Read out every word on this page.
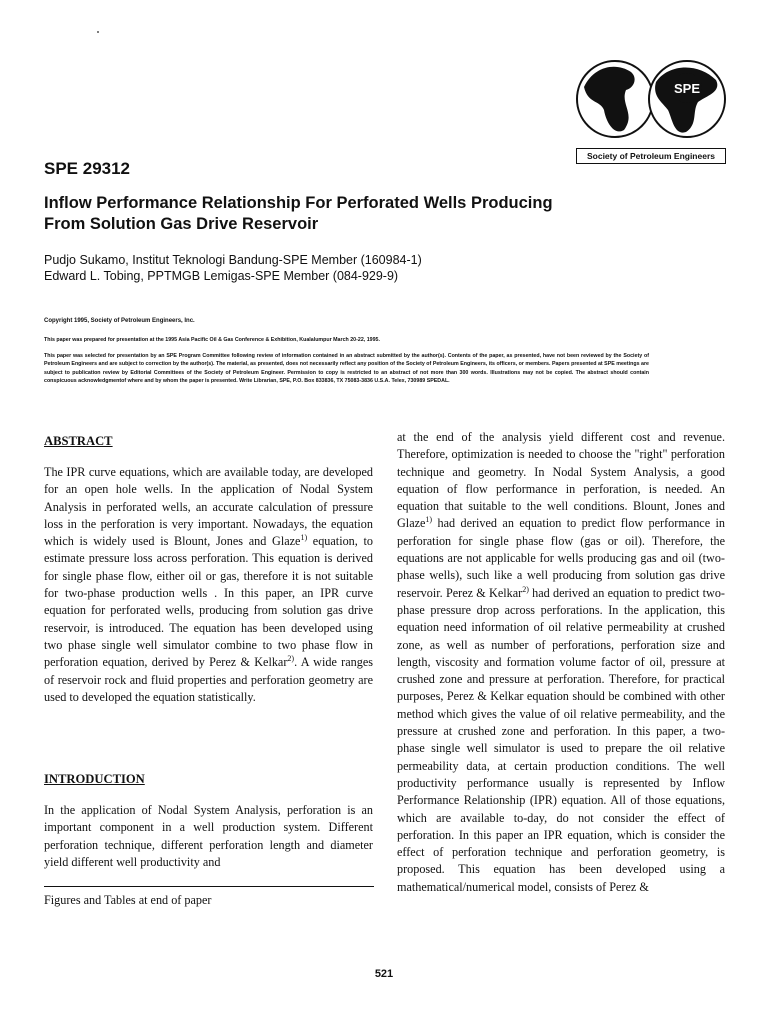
SPE
Society of Petroleum Engineers
SPE 29312
Inflow Performance Relationship For Perforated Wells Producing From Solution Gas Drive Reservoir
Pudjo Sukamo, Institut Teknologi Bandung-SPE Member (160984-1)
Edward L. Tobing, PPTMGB Lemigas-SPE Member (084-929-9)
Copyright 1995, Society of Petroleum Engineers, Inc.
This paper was prepared for presentation at the 1995 Asia Pacific Oil & Gas Conference & Exhibition, Kualalumpur March 20-22, 1995.
This paper was selected for presentation by an SPE Program Committee following review of information contained in an abstract submitted by the author(s). Contents of the paper, as presented, have not been reviewed by the Society of Petroleum Engineers and are subject to correction by the author(s). The material, as presented, does not necessarily reflect any position of the Society of Petroleum Engineers, its officers, or members. Papers presented at SPE meetings are subject to publication review by Editorial Committees of the Society of Petroleum Engineer. Permission to copy is restricted to an abstract of not more than 300 words. Illustrations may not be copied. The abstract should contain conspicuous acknowledgmentof where and by whom the paper is presented. Write Librarian, SPE, P.O. Box 833836, TX 75083-3836 U.S.A. Telex, 730989 SPEDAL.
ABSTRACT
The IPR curve equations, which are available today, are developed for an open hole wells. In the application of Nodal System Analysis in perforated wells, an accurate calculation of pressure loss in the perforation is very important. Nowadays, the equation which is widely used is Blount, Jones and Glaze$^{1)}$ equation, to estimate pressure loss across perforation. This equation is derived for single phase flow, either oil or gas, therefore it is not suitable for two-phase production wells . In this paper, an IPR curve equation for perforated wells, producing from solution gas drive reservoir, is introduced. The equation has been developed using two phase single well simulator combine to two phase flow in perforation equation, derived by Perez & Kelkar$^{2)}$. A wide ranges of reservoir rock and fluid properties and perforation geometry are used to developed the equation statistically.
INTRODUCTION
In the application of Nodal System Analysis, perforation is an important component in a well production system. Different perforation technique, different perforation length and diameter yield different well productivity and
Figures and Tables at end of paper
at the end of the analysis yield different cost and revenue. Therefore, optimization is needed to choose the "right" perforation technique and geometry. In Nodal System Analysis, a good equation of flow performance in perforation, is needed. An equation that suitable to the well conditions. Blount, Jones and Glaze$^{1)}$ had derived an equation to predict flow performance in perforation for single phase flow (gas or oil). Therefore, the equations are not applicable for wells producing gas and oil (two-phase wells), such like a well producing from solution gas drive reservoir. Perez & Kelkar$^{2)}$ had derived an equation to predict two-phase pressure drop across perforations. In the application, this equation need information of oil relative permeability at crushed zone, as well as number of perforations, perforation size and length, viscosity and formation volume factor of oil, pressure at crushed zone and pressure at perforation. Therefore, for practical purposes, Perez & Kelkar equation should be combined with other method which gives the value of oil relative permeability, and the pressure at crushed zone and perforation. In this paper, a two-phase single well simulator is used to prepare the oil relative permeability data, at certain production conditions. The well productivity performance usually is represented by Inflow Performance Relationship (IPR) equation. All of those equations, which are available to-day, do not consider the effect of perforation. In this paper an IPR equation, which is consider the effect of perforation technique and perforation geometry, is proposed. This equation has been developed using a mathematical/numerical model, consists of Perez &
521
